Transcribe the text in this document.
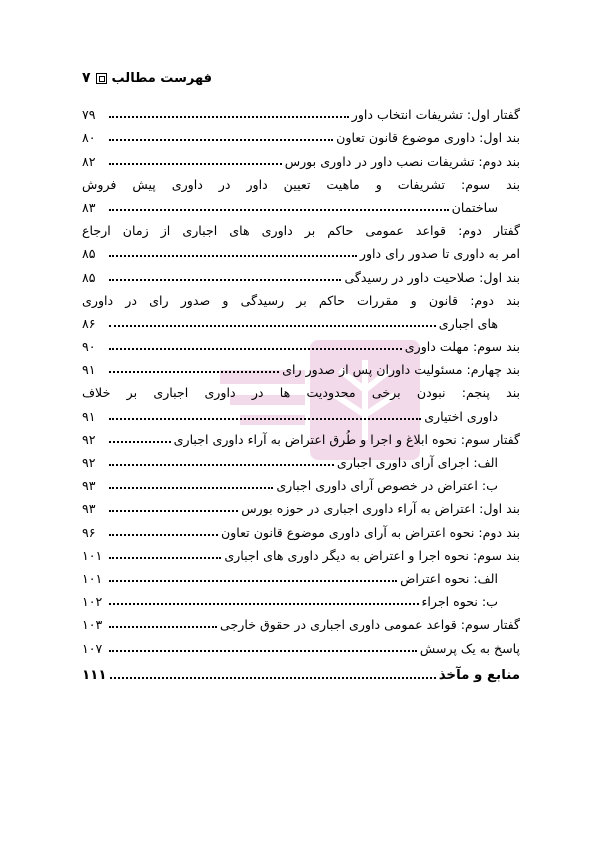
۷ فهرست مطالب
گفتار اول: تشریفات انتخاب داور
۷۹
بند اول: داوری موضوع قانون تعاون
۸۰
بند دوم: تشریفات نصب داور در داوری بورس
۸۲
بند سوم: تشریفات و ماهیت تعیین داور در داوری پیش فروش
ساختمان
۸۳
گفتار دوم: قواعد عمومی حاکم بر داوری های اجباری از زمان ارجاع
امر به داوری تا صدور رای داور
۸۵
بند اول: صلاحیت داور در رسیدگی
۸۵
بند دوم: قانون و مقررات حاکم بر رسیدگی و صدور رای در داوری
های اجباری
۸۶
بند سوم: مهلت داوری
۹۰
بند چهارم: مسئولیت داوران پس از صدور رای
۹۱
بند پنجم: نبودن برخی محدودیت ها در داوری اجباری بر خلاف
داوری اختیاری
۹۱
گفتار سوم: نحوه ابلاغ و اجرا و طُرق اعتراض به آراء داوری اجباری
۹۲
الف: اجرای آرای داوری اجباری
۹۲
ب: اعتراض در خصوص آرای داوری اجباری
۹۳
بند اول: اعتراض به آراء داوری اجباری در حوزه بورس
۹۳
بند دوم: نحوه اعتراض به آرای داوری موضوع قانون تعاون
۹۶
بند سوم: نحوه اجرا و اعتراض به دیگر داوری های اجباری
۱۰۱
الف: نحوه اعتراض
۱۰۱
ب: نحوه اجراء
۱۰۲
گفتار سوم: قواعد عمومی داوری اجباری در حقوق خارجی
۱۰۳
پاسخ به یک پرسش
۱۰۷
منابع و مآخذ
۱۱۱
